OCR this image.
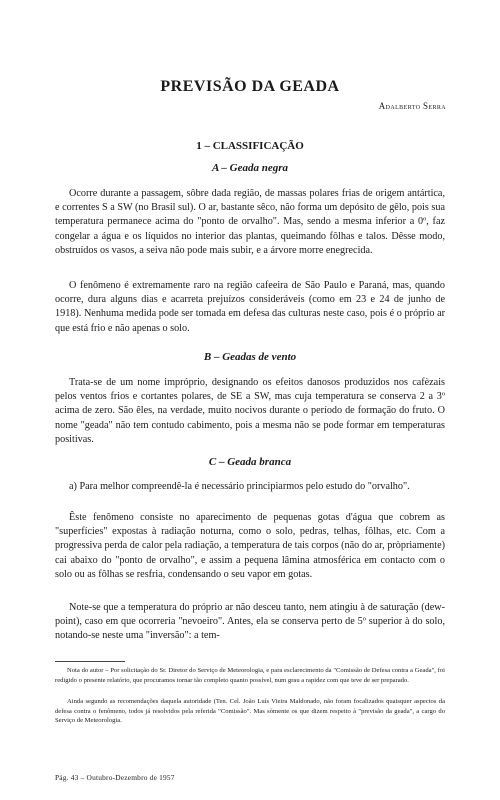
PREVISÃO DA GEADA
Adalberto Serra
1 – CLASSIFICAÇÃO
A – Geada negra

Ocorre durante a passagem, sôbre dada região, de massas polares frias de origem antártica, e correntes S a SW (no Brasil sul). O ar, bastante sêco, não forma um depósito de gêlo, pois sua temperatura permanece acima do "ponto de orvalho". Mas, sendo a mesma inferior a 0º, faz congelar a água e os líquidos no interior das plantas, queimando fôlhas e talos. Dêsse modo, obstruídos os vasos, a seiva não pode mais subir, e a árvore morre enegrecida.

O fenômeno é extremamente raro na região cafeeira de São Paulo e Paraná, mas, quando ocorre, dura alguns dias e acarreta prejuízos consideráveis (como em 23 e 24 de junho de 1918). Nenhuma medida pode ser tomada em defesa das culturas neste caso, pois é o próprio ar que está frio e não apenas o solo.

B – Geadas de vento

Trata-se de um nome impróprio, designando os efeitos danosos produzidos nos cafèzais pelos ventos frios e cortantes polares, de SE a SW, mas cuja temperatura se conserva 2 a 3º acima de zero. São êles, na verdade, muito nocivos durante o período de formação do fruto. O nome "geada" não tem contudo cabimento, pois a mesma não se pode formar em temperaturas positivas.

C – Geada branca

a) Para melhor compreendê-la é necessário principiarmos pelo estudo do "orvalho".

Êste fenômeno consiste no aparecimento de pequenas gotas d'água que cobrem as "superfícies" expostas à radiação noturna, como o solo, pedras, telhas, fôlhas, etc. Com a progressiva perda de calor pela radiação, a temperatura de tais corpos (não do ar, pròpriamente) cai abaixo do "ponto de orvalho", e assim a pequena lâmina atmosférica em contacto com o solo ou as fôlhas se resfria, condensando o seu vapor em gotas.

Note-se que a temperatura do próprio ar não desceu tanto, nem atingiu à de saturação (dew-point), caso em que ocorreria "nevoeiro". Antes, ela se conserva perto de 5º superior à do solo, notando-se neste uma "inversão": a tem-

Nota do autor – Por solicitação do Sr. Diretor do Serviço de Meteorologia, e para esclarecimento da "Comissão de Defesa contra a Geada", foi redigido o presente relatório, que procuramos tornar tão completo quanto possível, num grau a rapidez com que teve de ser preparado.

Ainda segundo as recomendações daquela autoridade (Ten. Cel. João Luís Vieira Maldonado, não foram focalizados quaisquer aspectos da defesa contra o fenômeno, todos já resolvidos pela referida "Comissão". Mas sòmente os que dizem respeito à "previsão da geada", a cargo do Serviço de Meteorologia.

Pág. 43 – Outubro-Dezembro de 1957
